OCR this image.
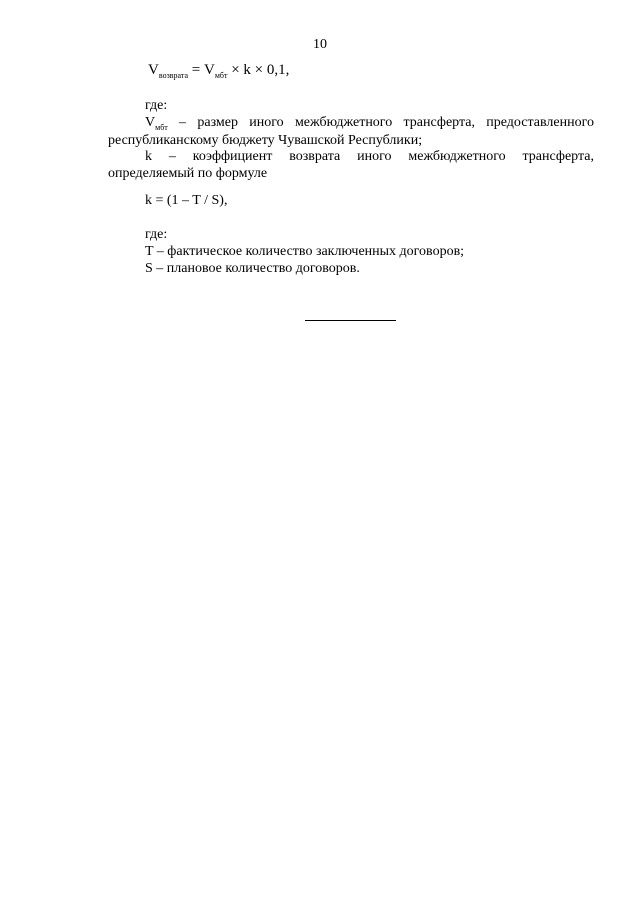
10
$V_{возврата} = V_{мбт} \times k \times 0,1$,
где:
$V_{мбт}$ – размер иного межбюджетного трансферта, предоставленного республиканскому бюджету Чувашской Республики;
k – коэффициент возврата иного межбюджетного трансферта, определяемый по формуле
k = (1 – T / S),
где:
T – фактическое количество заключенных договоров;
S – плановое количество договоров.
